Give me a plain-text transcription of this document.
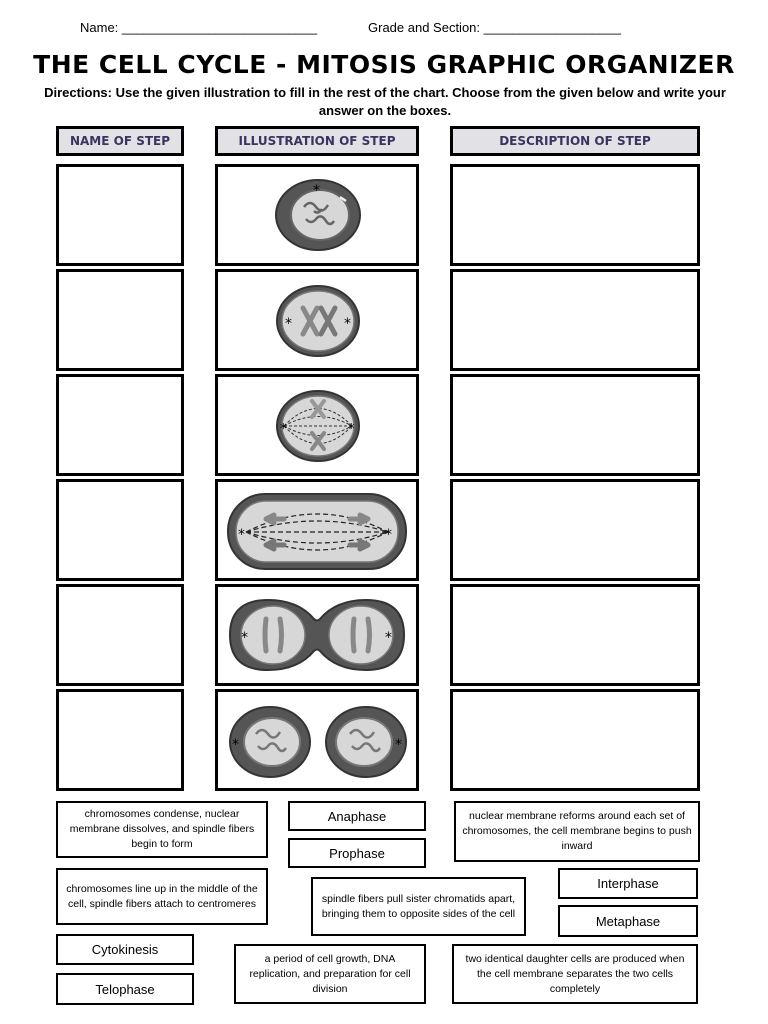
Name: ___________________________	Grade and Section: ___________________
THE CELL CYCLE - MITOSIS GRAPHIC ORGANIZER
Directions: Use the given illustration to fill in the rest of the chart. Choose from the given below and write your answer on the boxes.
NAME OF STEP	ILLUSTRATION OF STEP	DESCRIPTION OF STEP
*
*	*
*	*
*	*
*	*
*	*
chromosomes condense, nuclear membrane dissolves, and spindle fibers begin to form
Anaphase
Prophase
nuclear membrane reforms around each set of chromosomes, the cell membrane begins to push inward
chromosomes line up in the middle of the cell, spindle fibers attach to centromeres	spindle fibers pull sister chromatids apart, bringing them to opposite sides of the cell
Interphase
Metaphase
Cytokinesis
Telophase
a period of cell growth, DNA replication, and preparation for cell division
two identical daughter cells are produced when the cell membrane separates the two cells completely
